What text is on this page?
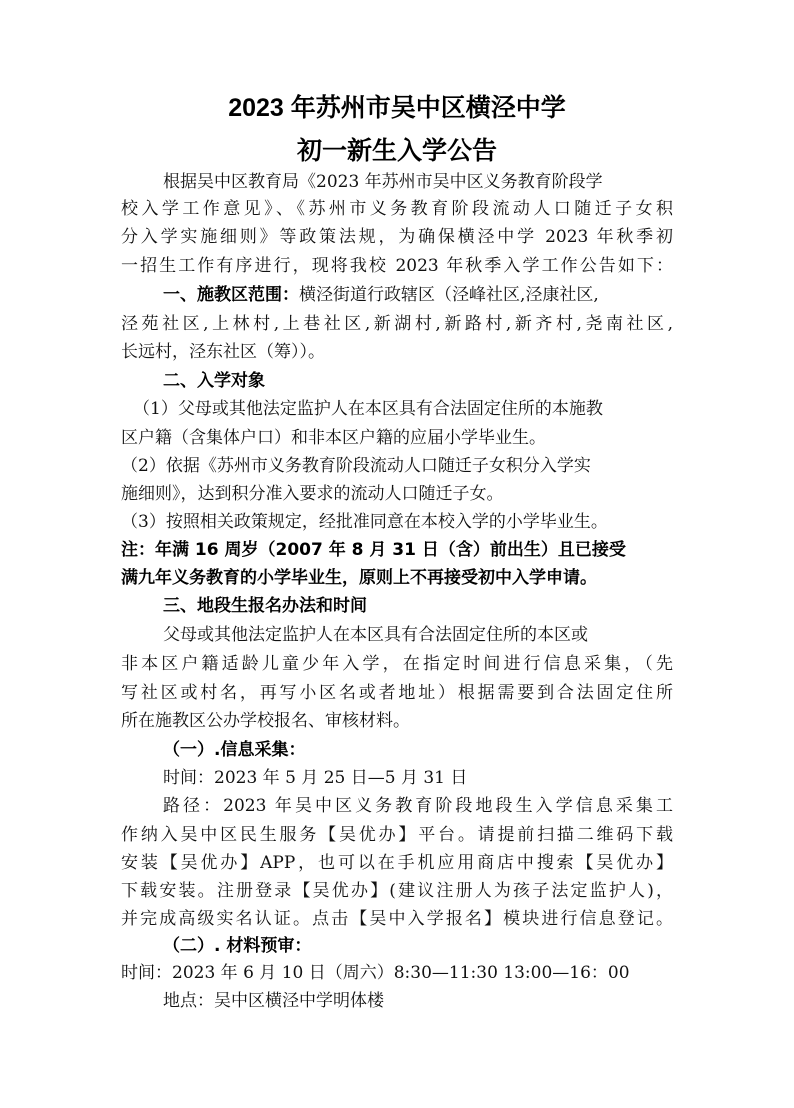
2023 年苏州市吴中区横泾中学
初一新生入学公告
根据吴中区教育局《2023 年苏州市吴中区义务教育阶段学
校入学工作意见》、《苏州市义务教育阶段流动人口随迁子女积
分入学实施细则》等政策法规，为确保横泾中学 2023 年秋季初
一招生工作有序进行，现将我校 2023 年秋季入学工作公告如下：
一、施教区范围：横泾街道行政辖区（泾峰社区,泾康社区,
泾苑社区,上林村,上巷社区,新湖村,新路村,新齐村,尧南社区,
长远村，泾东社区（筹））。
二、入学对象
（1）父母或其他法定监护人在本区具有合法固定住所的本施教
区户籍（含集体户口）和非本区户籍的应届小学毕业生。
（2）依据《苏州市义务教育阶段流动人口随迁子女积分入学实
施细则》，达到积分准入要求的流动人口随迁子女。
（3）按照相关政策规定，经批准同意在本校入学的小学毕业生。
注：年满 16 周岁（2007 年 8 月 31 日（含）前出生）且已接受
满九年义务教育的小学毕业生，原则上不再接受初中入学申请。
三、地段生报名办法和时间
父母或其他法定监护人在本区具有合法固定住所的本区或
非本区户籍适龄儿童少年入学，在指定时间进行信息采集，（先
写社区或村名，再写小区名或者地址）根据需要到合法固定住所
所在施教区公办学校报名、审核材料。
（一）.信息采集：
时间：2023 年 5 月 25 日—5 月 31 日
路径：2023 年吴中区义务教育阶段地段生入学信息采集工
作纳入吴中区民生服务【吴优办】平台。请提前扫描二维码下载
安装【吴优办】APP，也可以在手机应用商店中搜索【吴优办】
下载安装。注册登录【吴优办】(建议注册人为孩子法定监护人)，
并完成高级实名认证。点击【吴中入学报名】模块进行信息登记。
（二）. 材料预审：
时间：2023 年 6 月 10 日（周六）8:30—11:30 13:00—16：00
地点：吴中区横泾中学明体楼
